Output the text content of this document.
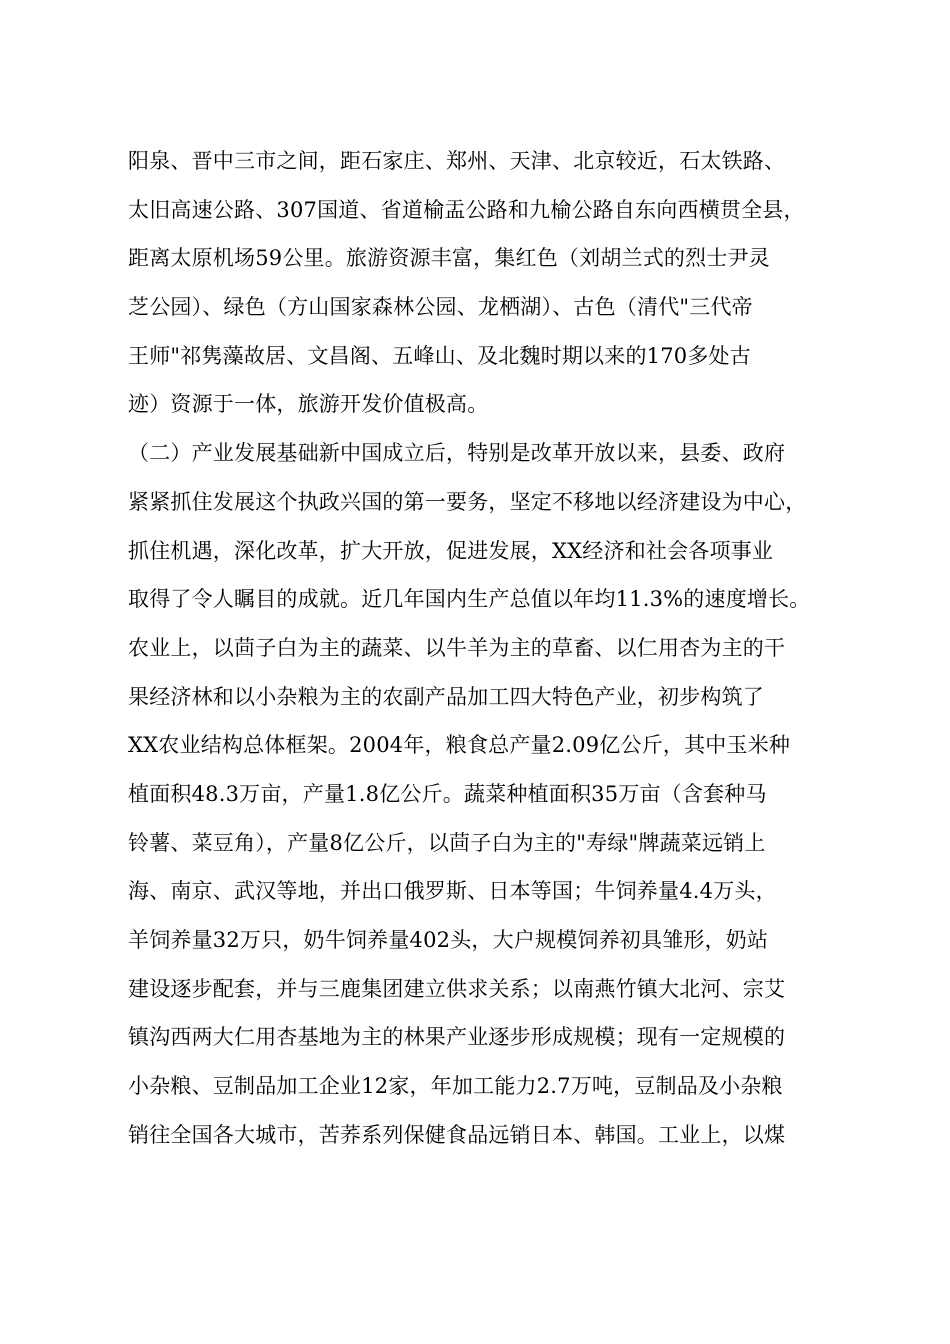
阳泉、晋中三市之间，距石家庄、郑州、天津、北京较近，石太铁路、
太旧高速公路、307国道、省道榆盂公路和九榆公路自东向西横贯全县，
距离太原机场59公里。旅游资源丰富，集红色（刘胡兰式的烈士尹灵
芝公园）、绿色（方山国家森林公园、龙栖湖）、古色（清代"三代帝
王师"祁隽藻故居、文昌阁、五峰山、及北魏时期以来的170多处古
迹）资源于一体，旅游开发价值极高。
（二）产业发展基础新中国成立后，特别是改革开放以来，县委、政府
紧紧抓住发展这个执政兴国的第一要务，坚定不移地以经济建设为中心，
抓住机遇，深化改革，扩大开放，促进发展，XX经济和社会各项事业
取得了令人瞩目的成就。近几年国内生产总值以年均11.3%的速度增长。
农业上，以茴子白为主的蔬菜、以牛羊为主的草畜、以仁用杏为主的干
果经济林和以小杂粮为主的农副产品加工四大特色产业，初步构筑了
XX农业结构总体框架。2004年，粮食总产量2.09亿公斤，其中玉米种
植面积48.3万亩，产量1.8亿公斤。蔬菜种植面积35万亩（含套种马
铃薯、菜豆角），产量8亿公斤，以茴子白为主的"寿绿"牌蔬菜远销上
海、南京、武汉等地，并出口俄罗斯、日本等国；牛饲养量4.4万头，
羊饲养量32万只，奶牛饲养量402头，大户规模饲养初具雏形，奶站
建设逐步配套，并与三鹿集团建立供求关系；以南燕竹镇大北河、宗艾
镇沟西两大仁用杏基地为主的林果产业逐步形成规模；现有一定规模的
小杂粮、豆制品加工企业12家，年加工能力2.7万吨，豆制品及小杂粮
销往全国各大城市，苦荞系列保健食品远销日本、韩国。工业上，以煤
